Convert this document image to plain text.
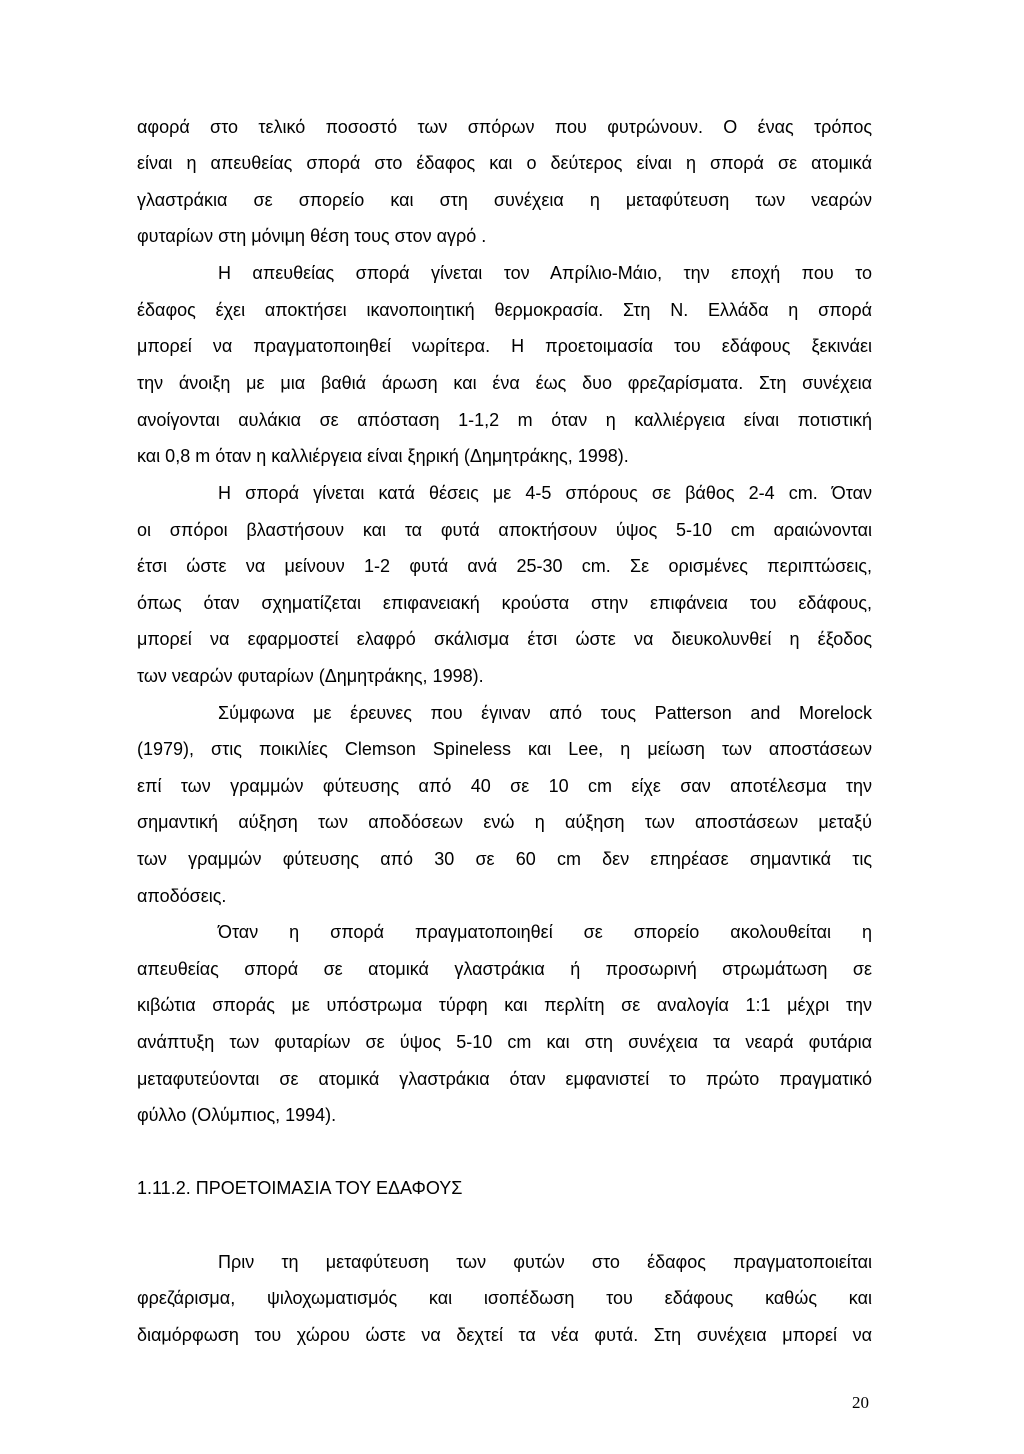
αφορά στο τελικό ποσοστό των σπόρων που φυτρώνουν. Ο ένας τρόπος
είναι η απευθείας σπορά στο έδαφος και ο δεύτερος είναι η σπορά σε ατομικά
γλαστράκια σε σπορείο και στη συνέχεια η μεταφύτευση των νεαρών
φυταρίων στη μόνιμη θέση τους στον αγρό .
Η απευθείας σπορά γίνεται τον Απρίλιο-Μάιο, την εποχή που το
έδαφος έχει αποκτήσει ικανοποιητική θερμοκρασία. Στη Ν. Ελλάδα η σπορά
μπορεί να πραγματοποιηθεί νωρίτερα. Η προετοιμασία του εδάφους ξεκινάει
την άνοιξη με μια βαθιά άρωση και ένα έως δυο φρεζαρίσματα. Στη συνέχεια
ανοίγονται αυλάκια σε απόσταση 1-1,2 m όταν η καλλιέργεια είναι ποτιστική
και 0,8 m όταν η καλλιέργεια είναι ξηρική (Δημητράκης, 1998).
Η σπορά γίνεται κατά θέσεις με 4-5 σπόρους σε βάθος 2-4 cm. Όταν
οι σπόροι βλαστήσουν και τα φυτά αποκτήσουν ύψος 5-10 cm αραιώνονται
έτσι ώστε να μείνουν 1-2 φυτά ανά 25-30 cm. Σε ορισμένες περιπτώσεις,
όπως όταν σχηματίζεται επιφανειακή κρούστα στην επιφάνεια του εδάφους,
μπορεί να εφαρμοστεί ελαφρό σκάλισμα έτσι ώστε να διευκολυνθεί η έξοδος
των νεαρών φυταρίων (Δημητράκης, 1998).
Σύμφωνα με έρευνες που έγιναν από τους Patterson and Morelock
(1979), στις ποικιλίες Clemson Spineless και Lee, η μείωση των αποστάσεων
επί των γραμμών φύτευσης από 40 σε 10 cm είχε σαν αποτέλεσμα την
σημαντική αύξηση των αποδόσεων ενώ η αύξηση των αποστάσεων μεταξύ
των γραμμών φύτευσης από 30 σε 60 cm δεν επηρέασε σημαντικά τις
αποδόσεις.
Όταν η σπορά πραγματοποιηθεί σε σπορείο ακολουθείται η
απευθείας σπορά σε ατομικά γλαστράκια ή προσωρινή στρωμάτωση σε
κιβώτια σποράς με υπόστρωμα τύρφη και περλίτη σε αναλογία 1:1 μέχρι την
ανάπτυξη των φυταρίων σε ύψος 5-10 cm και στη συνέχεια τα νεαρά φυτάρια
μεταφυτεύονται σε ατομικά γλαστράκια όταν εμφανιστεί το πρώτο πραγματικό
φύλλο (Ολύμπιος, 1994).
1.11.2. ΠΡΟΕΤΟΙΜΑΣΙΑ ΤΟΥ ΕΔΑΦΟΥΣ
Πριν τη μεταφύτευση των φυτών στο έδαφος πραγματοποιείται
φρεζάρισμα, ψιλοχωματισμός και ισοπέδωση του εδάφους καθώς και
διαμόρφωση του χώρου ώστε να δεχτεί τα νέα φυτά. Στη συνέχεια μπορεί να
20
